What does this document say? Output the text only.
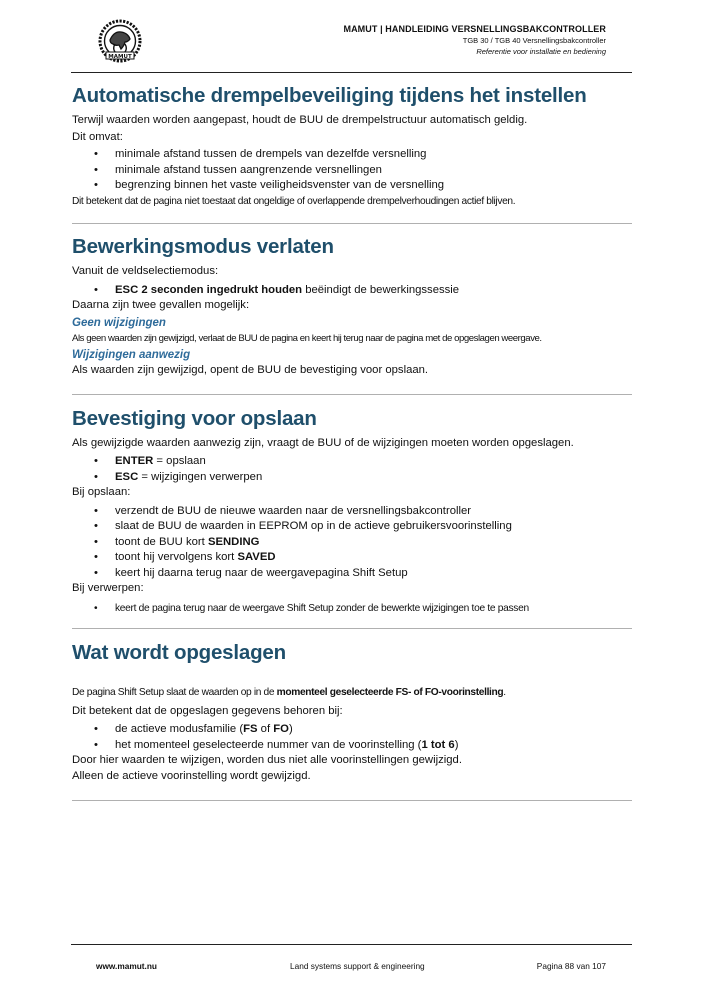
MAMUT
MAMUT | HANDLEIDING VERSNELLINGSBAKCONTROLLER
TGB 30 / TGB 40 Versnellingsbakcontroller
Referentie voor installatie en bediening
Automatische drempelbeveiliging tijdens het instellen

Terwijl waarden worden aangepast, houdt de BUU de drempelstructuur automatisch geldig.

Dit omvat:

• minimale afstand tussen de drempels van dezelfde versnelling
• minimale afstand tussen aangrenzende versnellingen
• begrenzing binnen het vaste veiligheidsvenster van de versnelling

Dit betekent dat de pagina niet toestaat dat ongeldige of overlappende drempelverhoudingen actief blijven.

Bewerkingsmodus verlaten

Vanuit de veldselectiemodus:

• ESC 2 seconden ingedrukt houden beëindigt de bewerkingssessie

Daarna zijn twee gevallen mogelijk:

Geen wijzigingen

Als geen waarden zijn gewijzigd, verlaat de BUU de pagina en keert hij terug naar de pagina met de opgeslagen weergave.

Wijzigingen aanwezig

Als waarden zijn gewijzigd, opent de BUU de bevestiging voor opslaan.

Bevestiging voor opslaan

Als gewijzigde waarden aanwezig zijn, vraagt de BUU of de wijzigingen moeten worden opgeslagen.

• ENTER = opslaan
• ESC = wijzigingen verwerpen

Bij opslaan:

• verzendt de BUU de nieuwe waarden naar de versnellingsbakcontroller
• slaat de BUU de waarden in EEPROM op in de actieve gebruikersvoorinstelling
• toont de BUU kort SENDING
• toont hij vervolgens kort SAVED
• keert hij daarna terug naar de weergavepagina Shift Setup

Bij verwerpen:

• keert de pagina terug naar de weergave Shift Setup zonder de bewerkte wijzigingen toe te passen
Wat wordt opgeslagen

De pagina Shift Setup slaat de waarden op in de momenteel geselecteerde FS- of FO-voorinstelling.

Dit betekent dat de opgeslagen gegevens behoren bij:

• de actieve modusfamilie (FS of FO)
• het momenteel geselecteerde nummer van de voorinstelling (1 tot 6)

Door hier waarden te wijzigen, worden dus niet alle voorinstellingen gewijzigd.

Alleen de actieve voorinstelling wordt gewijzigd.

www.mamut.nu	Land systems support & engineering	Pagina 88 van 107
